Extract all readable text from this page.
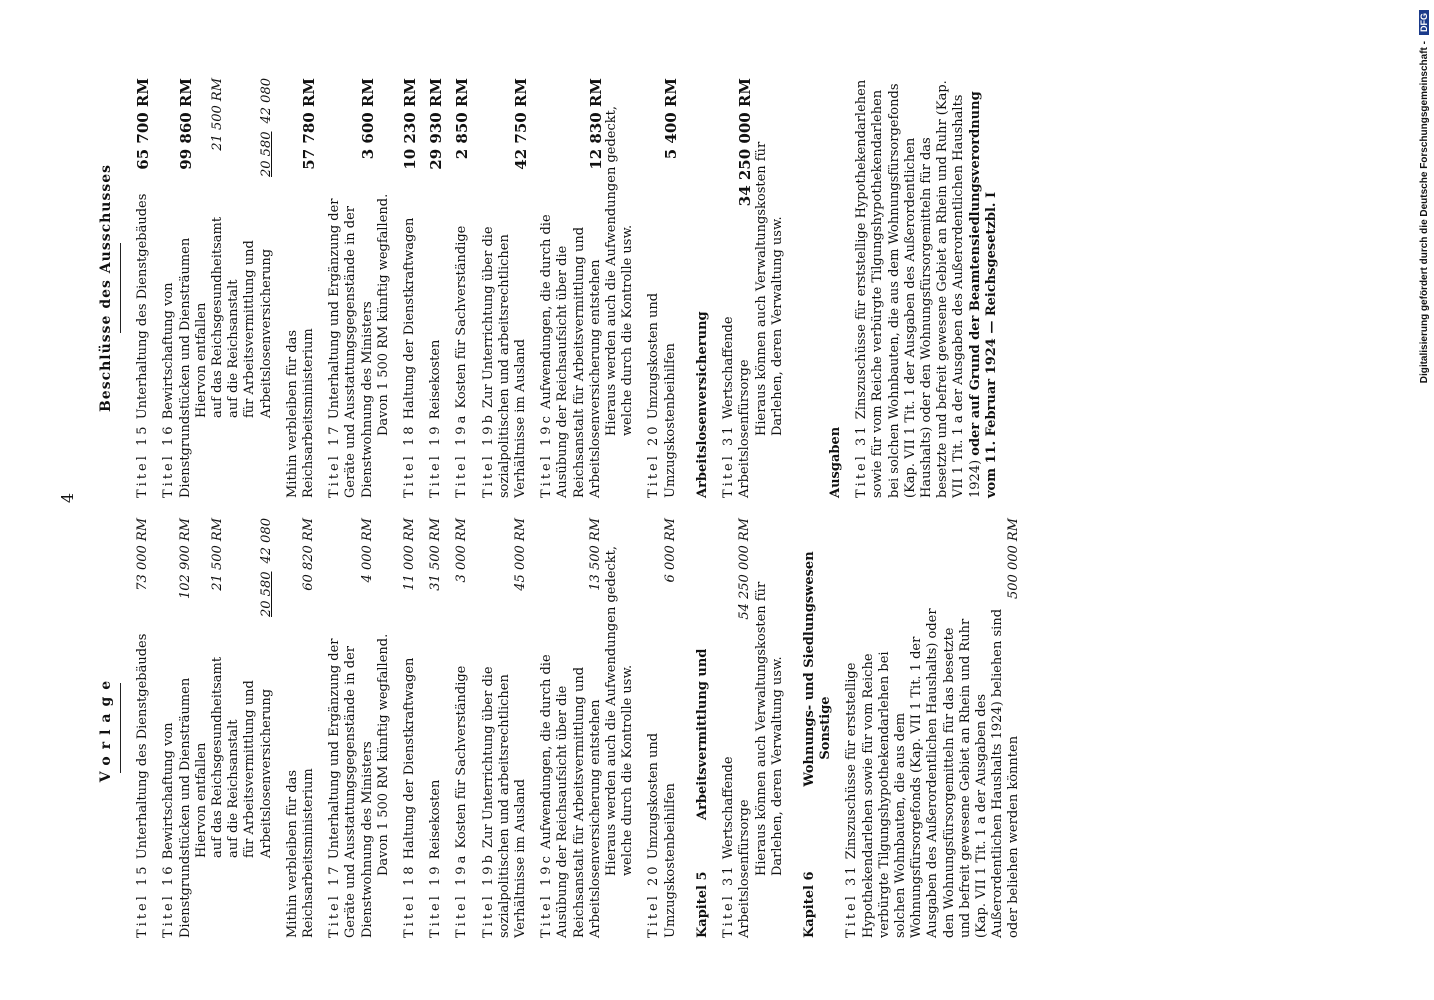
4
Vorlage
Titel 15 Unterhaltung des Dienstgebäudes
73 000 RM
Titel 16 Bewirtschaftung von Dienstgrundstücken und Diensträumen
102 900 RM
Hiervon entfallen auf das Reichsgesundheitsamt
21 500 RM
auf die Reichsanstalt für Arbeitsvermittlung und Arbeitslosenversicherung
20 580
42 080
Mithin verbleiben für das Reichsarbeitsministerium
60 820 RM
Titel 17 Unterhaltung und Ergänzung der Geräte und Ausstattungsgegenstände in der Dienstwohnung des Ministers
4 000 RM
Davon 1 500 RM künftig wegfallend.
Titel 18 Haltung der Dienstkraftwagen
11 000 RM
Titel 19 Reisekosten
31 500 RM
Titel 19a Kosten für Sachverständige
3 000 RM
Titel 19b Zur Unterrichtung über die sozialpolitischen und arbeitsrechtlichen Verhältnisse im Ausland
45 000 RM
Titel 19c Aufwendungen, die durch die Ausübung der Reichsaufsicht über die Reichsanstalt für Arbeitsvermittlung und Arbeitslosenversicherung entstehen
13 500 RM Hieraus werden auch die Aufwendungen gedeckt, welche durch die Kontrolle usw.
Titel 20 Umzugskosten und Umzugskostenbeihilfen
6 000 RM
Kapitel 5
Arbeitsvermittlung und
Titel 31 Wertschaffende Arbeitslosenfürsorge
54 250 000 RM
Hieraus können auch Verwaltungskosten für Darlehen, deren Verwaltung usw.
Kapitel 6
Wohnungs- und Siedlungswesen Sonstige
Titel 31 Zinszuschüsse für erststellige Hypothekendarlehen sowie für vom Reiche verbürgte Tilgungshypothekendarlehen bei solchen Wohnbauten, die aus dem Wohnungsfürsorgefonds (Kap. VII 1 Tit. 1 der Ausgaben des Außerordentlichen Haushalts) oder den Wohnungsfürsorgemitteln für das besetzte und befreit gewesene Gebiet an Rhein und Ruhr (Kap. VII 1 Tit. 1 a der Ausgaben des Außerordentlichen Haushalts 1924) beliehen sind oder beliehen werden könnten
500 000 RM
Beschlüsse des Ausschusses
Titel 15 Unterhaltung des Dienstgebäudes
65 700 RM
Titel 16 Bewirtschaftung von Dienstgrundstücken und Diensträumen
99 860 RM
Hiervon entfallen auf das Reichsgesundheitsamt
21 500 RM
auf die Reichsanstalt für Arbeitsvermittlung und Arbeitslosenversicherung
20 580
42 080
Mithin verbleiben für das Reichsarbeitsministerium
57 780 RM
Titel 17 Unterhaltung und Ergänzung der Geräte und Ausstattungsgegenstände in der Dienstwohnung des Ministers
3 600 RM
Davon 1 500 RM künftig wegfallend.
Titel 18 Haltung der Dienstkraftwagen
10 230 RM
Titel 19 Reisekosten
29 930 RM
Titel 19a Kosten für Sachverständige
2 850 RM
Titel 19b Zur Unterrichtung über die sozialpolitischen und arbeitsrechtlichen Verhältnisse im Ausland
42 750 RM
Titel 19c Aufwendungen, die durch die Ausübung der Reichsaufsicht über die Reichsanstalt für Arbeitsvermittlung und Arbeitslosenversicherung entstehen
12 830 RM Hieraus werden auch die Aufwendungen gedeckt, welche durch die Kontrolle usw.
Titel 20 Umzugskosten und Umzugskostenbeihilfen
5 400 RM
Arbeitslosenversicherung Titel 31 Wertschaffende Arbeitslosenfürsorge
34 250 000 RM Hieraus können auch Verwaltungskosten für Darlehen, deren Verwaltung usw.
Ausgaben Titel 31 Zinszuschüsse für erststellige Hypothekendarlehen sowie für vom Reiche verbürgte Tilgungshypothekendarlehen bei solchen Wohnbauten, die aus dem Wohnungsfürsorgefonds (Kap. VII 1 Tit. 1 der Ausgaben des Außerordentlichen Haushalts) oder den Wohnungsfürsorgemitteln für das besetzte und befreit gewesene Gebiet an Rhein und Ruhr (Kap. VII 1 Tit. 1 a der Ausgaben des Außerordentlichen Haushalts 1924) oder auf Grund der Beamtensiedlungsverordnung vom 11. Februar 1924 — Reichsgesetzbl. I	Digitalisierung gefördert durch die Deutsche Forschungsgemeinschaft -
DFG
